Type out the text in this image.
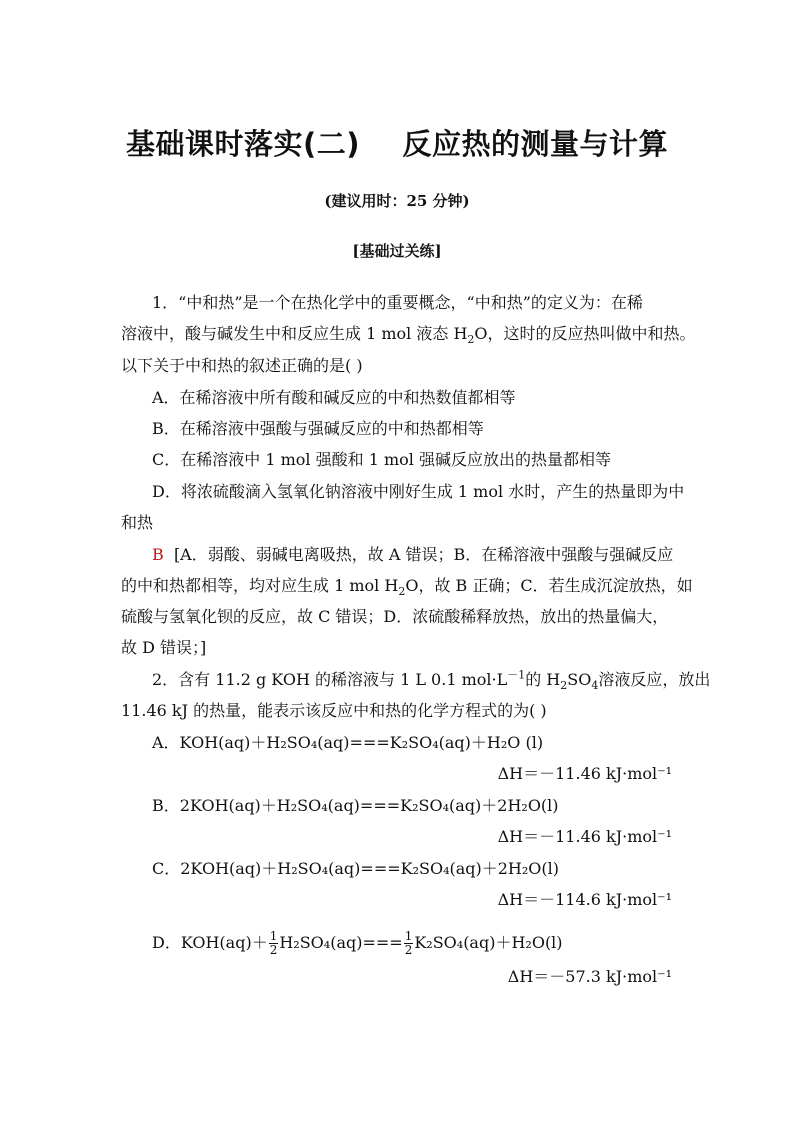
基础课时落实(二)    反应热的测量与计算
(建议用时：25 分钟)
[基础过关练]
1．“中和热”是一个在热化学中的重要概念，“中和热”的定义为：在稀
溶液中，酸与碱发生中和反应生成 1 mol 液态 $H_2O$，这时的反应热叫做中和热。
以下关于中和热的叙述正确的是( )
A．在稀溶液中所有酸和碱反应的中和热数值都相等
B．在稀溶液中强酸与强碱反应的中和热都相等
C．在稀溶液中 1 mol 强酸和 1 mol 强碱反应放出的热量都相等
D．将浓硫酸滴入氢氧化钠溶液中刚好生成 1 mol 水时，产生的热量即为中
和热
B [A．弱酸、弱碱电离吸热，故 A 错误；B．在稀溶液中强酸与强碱反应
的中和热都相等，均对应生成 1 mol $H_2O$，故 B 正确；C．若生成沉淀放热，如
硫酸与氢氧化钡的反应，故 C 错误；D．浓硫酸稀释放热，放出的热量偏大，
故 D 错误；]
2．含有 11.2 g KOH 的稀溶液与 1 L 0.1 $mol\cdot L^{-1}$的 $H_2SO_4$溶液反应，放出
11.46 kJ 的热量，能表示该反应中和热的化学方程式的为( )
A．KOH(aq)＋H₂SO₄(aq)===K₂SO₄(aq)＋H₂O (l)
ΔH＝－11.46 kJ·mol⁻¹
B．2KOH(aq)＋H₂SO₄(aq)===K₂SO₄(aq)＋2H₂O(l)
ΔH＝－11.46 kJ·mol⁻¹
C．2KOH(aq)＋H₂SO₄(aq)===K₂SO₄(aq)＋2H₂O(l)
ΔH＝－114.6 kJ·mol⁻¹
D．$KOH(aq)+ \frac{1}{2} H_2SO_4(aq)=== \frac{1}{2} K_2SO_4(aq)+H_2O(l)$
ΔH＝－57.3 kJ·mol⁻¹
